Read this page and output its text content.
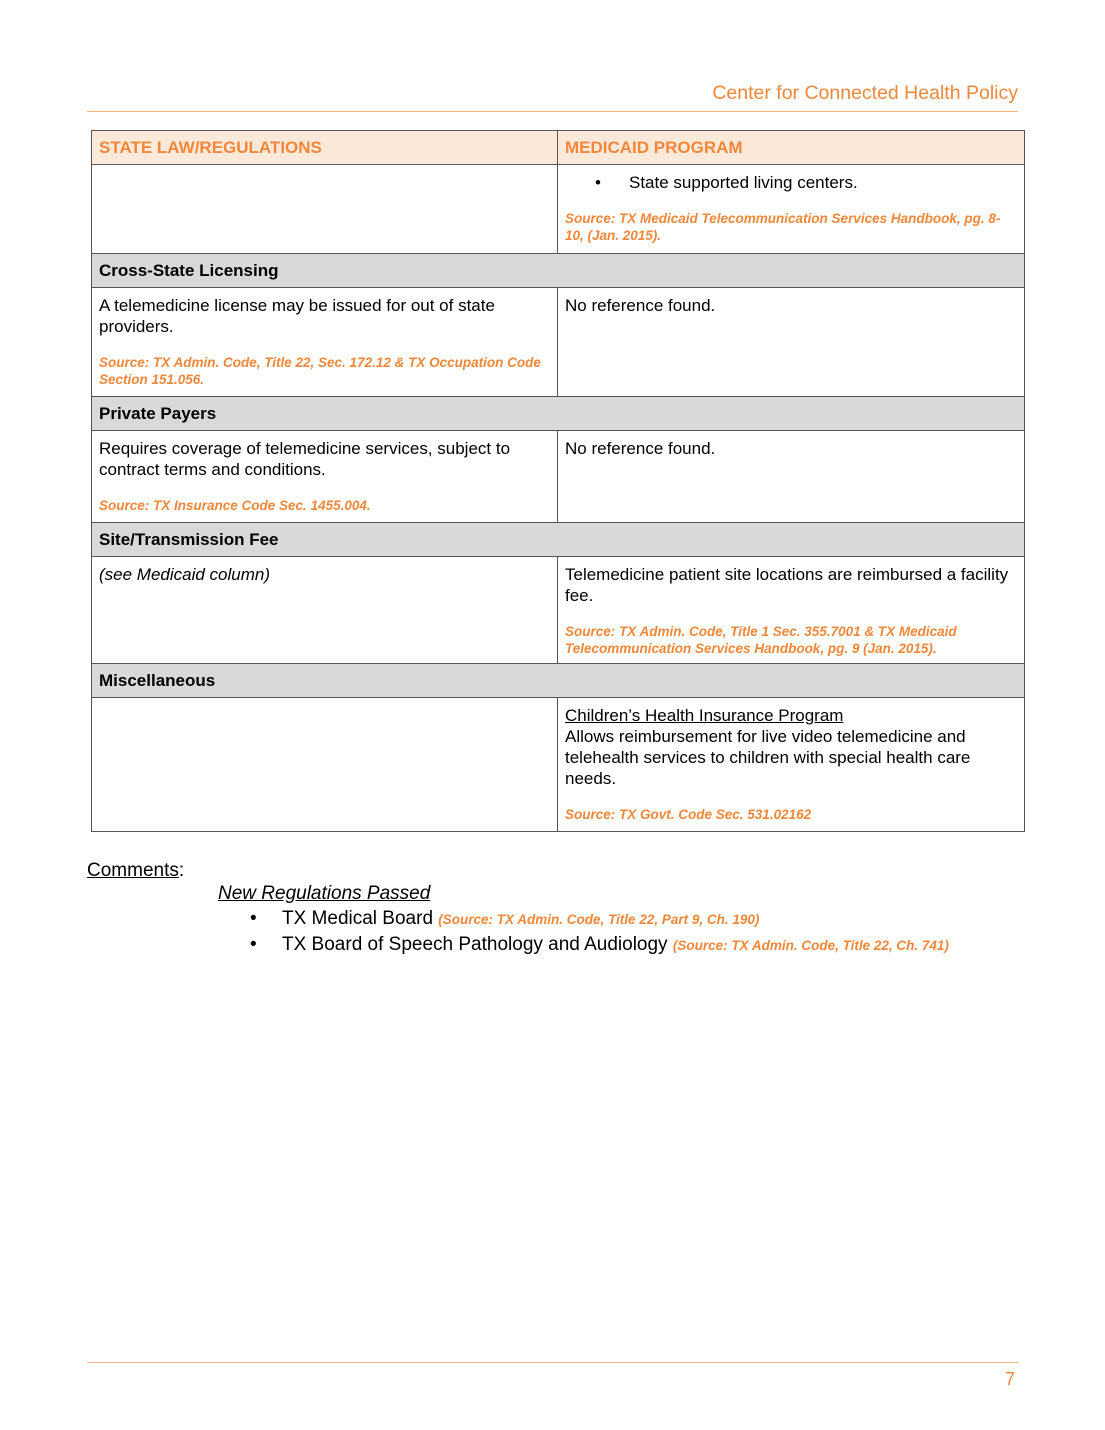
Center for Connected Health Policy
STATE LAW/REGULATIONS	MEDICAID PROGRAM

	• State supported living centers.
Source: TX Medicaid Telecommunication Services Handbook, pg. 8-10, (Jan. 2015).

Cross-State Licensing	

A telemedicine license may be issued for out of state providers.
Source: TX Admin. Code, Title 22, Sec. 172.12 & TX Occupation Code Section 151.056.	No reference found.
Private Payers	

Requires coverage of telemedicine services, subject to contract terms and conditions.
Source: TX Insurance Code Sec. 1455.004.	No reference found.
Site/Transmission Fee	

(see Medicaid column)	Telemedicine patient site locations are reimbursed a facility fee.
Source: TX Admin. Code, Title 1 Sec. 355.7001 & TX Medicaid Telecommunication Services Handbook, pg. 9 (Jan. 2015).

Miscellaneous	

	Children’s Health Insurance Program
Allows reimbursement for live video telemedicine and telehealth services to children with special health care needs.
Source: TX Govt. Code Sec. 531.02162
Comments:
New Regulations Passed
• TX Medical Board (Source: TX Admin. Code, Title 22, Part 9, Ch. 190)
• TX Board of Speech Pathology and Audiology (Source: TX Admin. Code, Title 22, Ch. 741)
7
